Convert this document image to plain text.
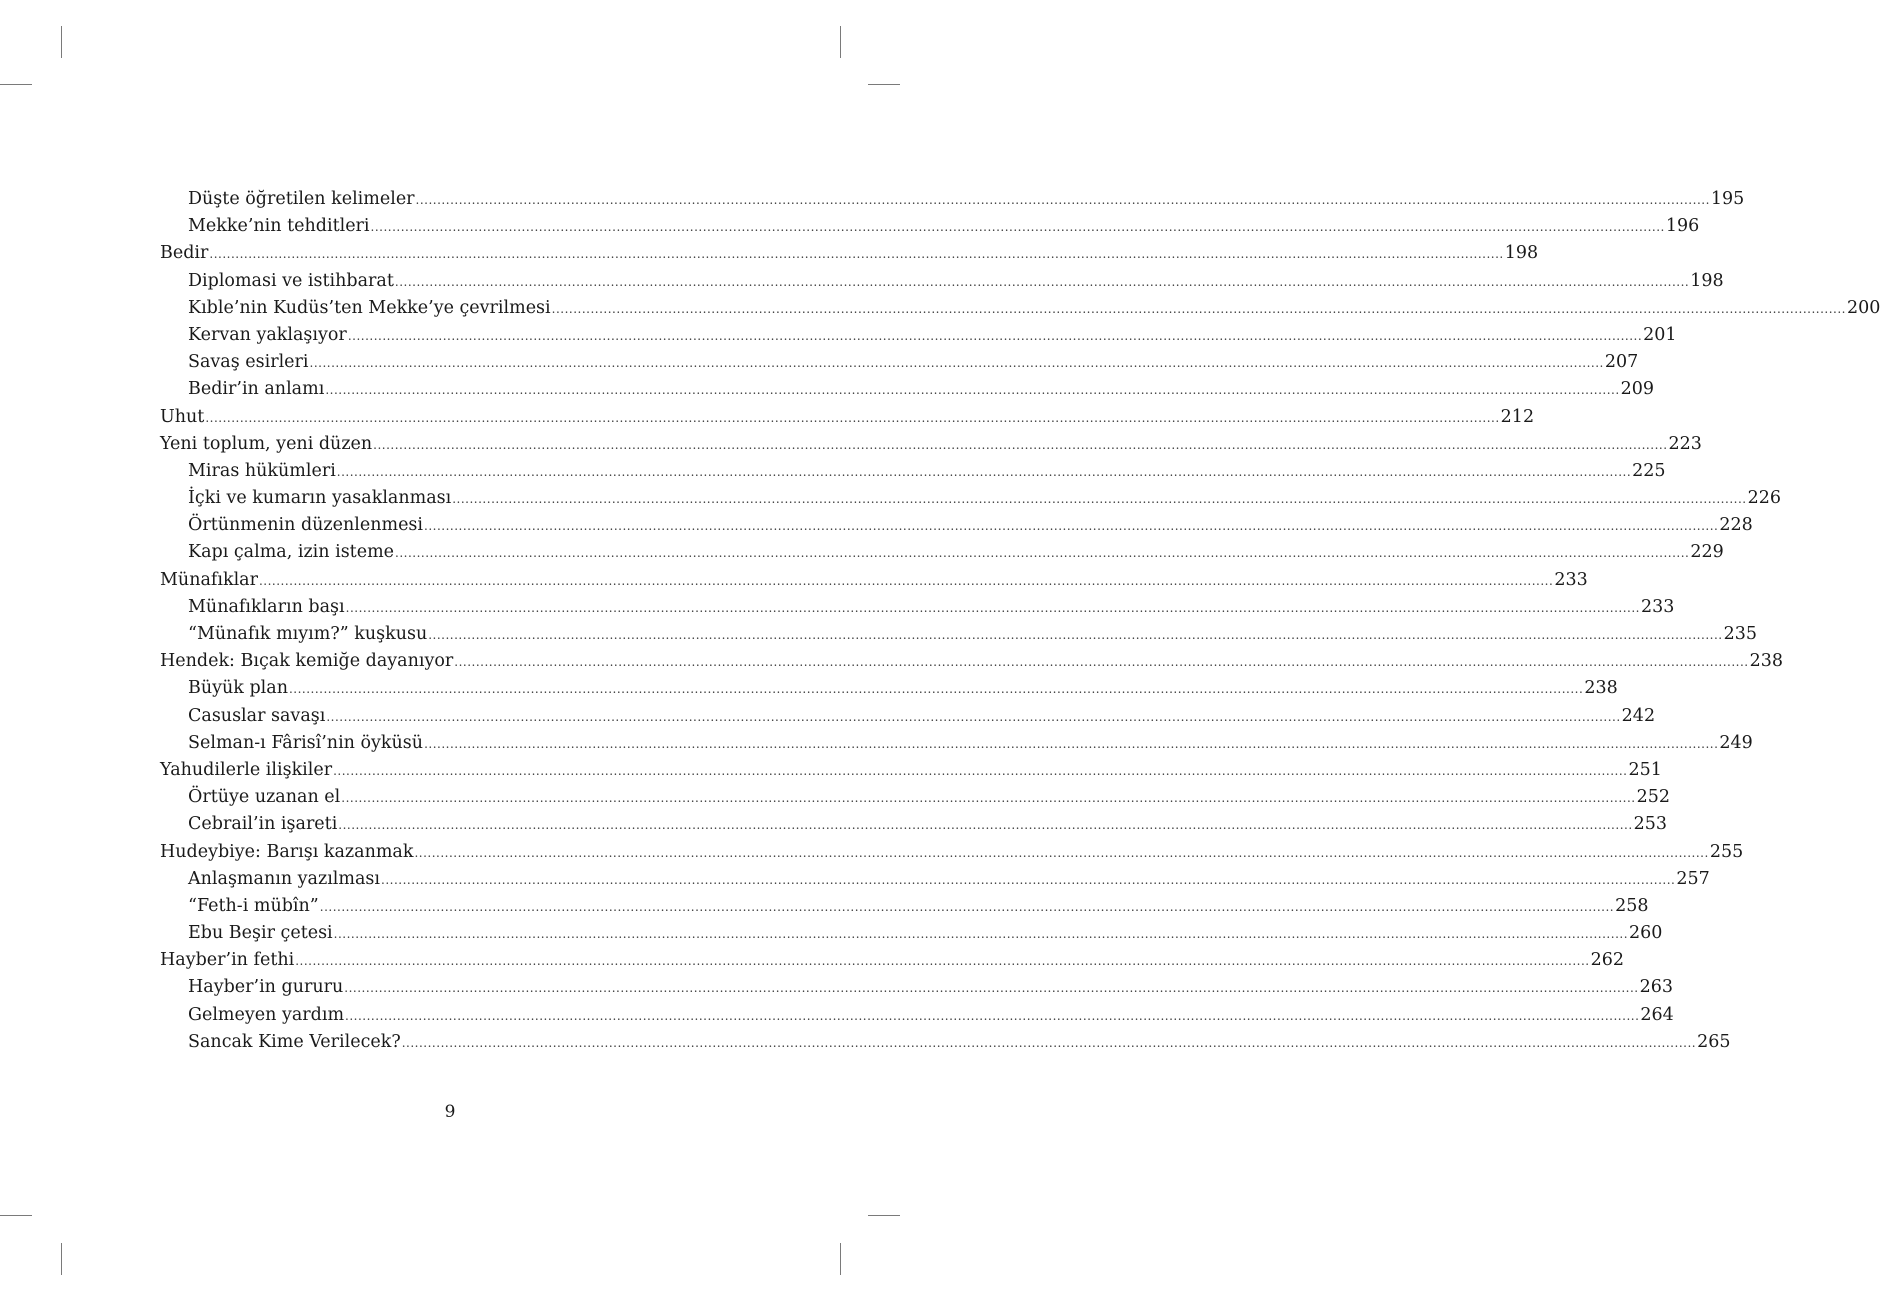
Düşte öğretilen kelimeler ............................................................................................................................................................................................................................................................................................................ 195
Mekke’nin tehditleri ............................................................................................................................................................................................................................................................................................................ 196
Bedir ............................................................................................................................................................................................................................................................................................................ 198
Diplomasi ve istihbarat ............................................................................................................................................................................................................................................................................................................ 198
Kıble’nin Kudüs’ten Mekke’ye çevrilmesi ............................................................................................................................................................................................................................................................................................................ 200
Kervan yaklaşıyor ............................................................................................................................................................................................................................................................................................................ 201
Savaş esirleri ............................................................................................................................................................................................................................................................................................................ 207
Bedir’in anlamı ............................................................................................................................................................................................................................................................................................................ 209
Uhut ............................................................................................................................................................................................................................................................................................................ 212
Yeni toplum, yeni düzen ............................................................................................................................................................................................................................................................................................................ 223
Miras hükümleri ............................................................................................................................................................................................................................................................................................................ 225
İçki ve kumarın yasaklanması ............................................................................................................................................................................................................................................................................................................ 226
Örtünmenin düzenlenmesi ............................................................................................................................................................................................................................................................................................................ 228
Kapı çalma, izin isteme ............................................................................................................................................................................................................................................................................................................ 229
Münafıklar ............................................................................................................................................................................................................................................................................................................ 233
Münafıkların başı ............................................................................................................................................................................................................................................................................................................ 233
“Münafık mıyım?” kuşkusu ............................................................................................................................................................................................................................................................................................................ 235
Hendek: Bıçak kemiğe dayanıyor ............................................................................................................................................................................................................................................................................................................ 238
Büyük plan ............................................................................................................................................................................................................................................................................................................ 238
Casuslar savaşı ............................................................................................................................................................................................................................................................................................................ 242
Selman-ı Fârisî’nin öyküsü ............................................................................................................................................................................................................................................................................................................ 249
Yahudilerle ilişkiler ............................................................................................................................................................................................................................................................................................................ 251
Örtüye uzanan el ............................................................................................................................................................................................................................................................................................................ 252
Cebrail’in işareti ............................................................................................................................................................................................................................................................................................................ 253
Hudeybiye: Barışı kazanmak ............................................................................................................................................................................................................................................................................................................ 255
Anlaşmanın yazılması ............................................................................................................................................................................................................................................................................................................ 257
“Feth-i mübîn” ............................................................................................................................................................................................................................................................................................................ 258
Ebu Beşir çetesi ............................................................................................................................................................................................................................................................................................................ 260
Hayber’in fethi ............................................................................................................................................................................................................................................................................................................ 262
Hayber’in gururu ............................................................................................................................................................................................................................................................................................................ 263
Gelmeyen yardım ............................................................................................................................................................................................................................................................................................................ 264
Sancak Kime Verilecek? ............................................................................................................................................................................................................................................................................................................ 265
9
